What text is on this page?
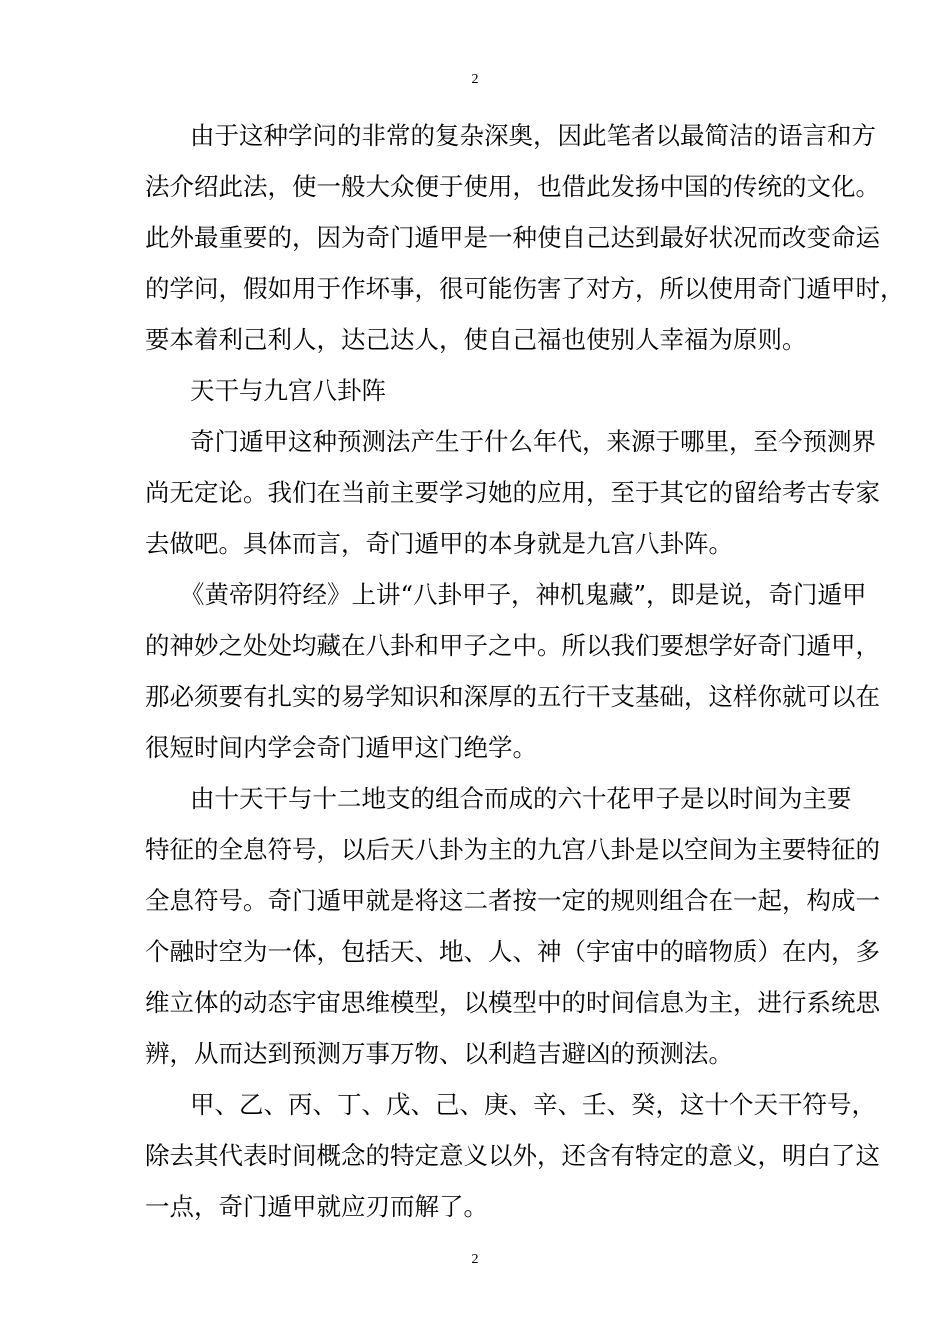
2
由于这种学问的非常的复杂深奥，因此笔者以最简洁的语言和方
法介绍此法，使一般大众便于使用，也借此发扬中国的传统的文化。
此外最重要的，因为奇门遁甲是一种使自己达到最好状况而改变命运
的学问，假如用于作坏事，很可能伤害了对方，所以使用奇门遁甲时，
要本着利己利人，达己达人，使自己福也使别人幸福为原则。
天干与九宫八卦阵
奇门遁甲这种预测法产生于什么年代，来源于哪里，至今预测界
尚无定论。我们在当前主要学习她的应用，至于其它的留给考古专家
去做吧。具体而言，奇门遁甲的本身就是九宫八卦阵。
《黄帝阴符经》上讲“八卦甲子，神机鬼藏”，即是说，奇门遁甲
的神妙之处处均藏在八卦和甲子之中。所以我们要想学好奇门遁甲，
那必须要有扎实的易学知识和深厚的五行干支基础，这样你就可以在
很短时间内学会奇门遁甲这门绝学。
由十天干与十二地支的组合而成的六十花甲子是以时间为主要
特征的全息符号，以后天八卦为主的九宫八卦是以空间为主要特征的
全息符号。奇门遁甲就是将这二者按一定的规则组合在一起，构成一
个融时空为一体，包括天、地、人、神（宇宙中的暗物质）在内，多
维立体的动态宇宙思维模型，以模型中的时间信息为主，进行系统思
辨，从而达到预测万事万物、以利趋吉避凶的预测法。
甲、乙、丙、丁、戊、己、庚、辛、壬、癸，这十个天干符号，
除去其代表时间概念的特定意义以外，还含有特定的意义，明白了这
一点，奇门遁甲就应刃而解了。
2
